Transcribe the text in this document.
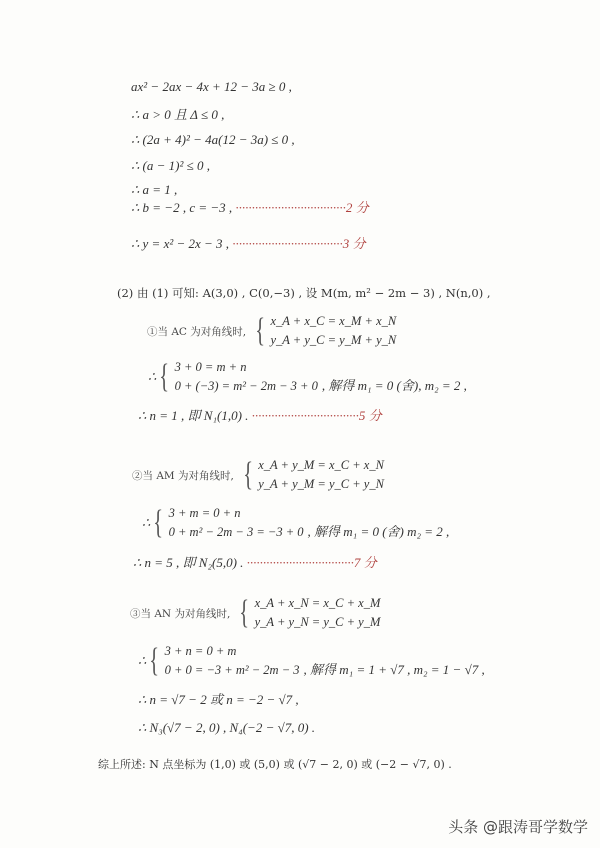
ax² − 2ax − 4x + 12 − 3a ≥ 0 ,
∴ a > 0 且 Δ ≤ 0 ,
∴ (2a + 4)² − 4a(12 − 3a) ≤ 0 ,
∴ (a − 1)² ≤ 0 ,
∴ a = 1 ,
∴ b = −2 , c = −3 , ··································2 分
∴ y = x² − 2x − 3 , ··································3 分
(2) 由 (1) 可知: A(3,0) , C(0,−3) , 设 M(m, m² − 2m − 3) , N(n,0) ,
①当 AC 为对角线时, { x_A + x_C = x_M + x_N
y_A + y_C = y_M + y_N
∴ { 3 + 0 = m + n
0 + (−3) = m² − 2m − 3 + 0 , 解得 m₁ = 0 (舍), m₂ = 2 ,
∴ n = 1 , 即 N₁(1,0) . ·································5 分
②当 AM 为对角线时, { x_A + y_M = x_C + x_N
y_A + y_M = y_C + y_N
∴ { 3 + m = 0 + n
0 + m² − 2m − 3 = −3 + 0 , 解得 m₁ = 0 (舍) m₂ = 2 ,
∴ n = 5 , 即 N₂(5,0) . ·································7 分
③当 AN 为对角线时, { x_A + x_N = x_C + x_M
y_A + y_N = y_C + y_M
∴ { 3 + n = 0 + m
0 + 0 = −3 + m² − 2m − 3 , 解得 m₁ = 1 + √7 , m₂ = 1 − √7 ,
∴ n = √7 − 2 或 n = −2 − √7 ,
∴ N₃(√7 − 2, 0) , N₄(−2 − √7, 0) .
综上所述: N 点坐标为 (1,0) 或 (5,0) 或 (√7 − 2, 0) 或 (−2 − √7, 0) .
头条 @跟涛哥学数学
